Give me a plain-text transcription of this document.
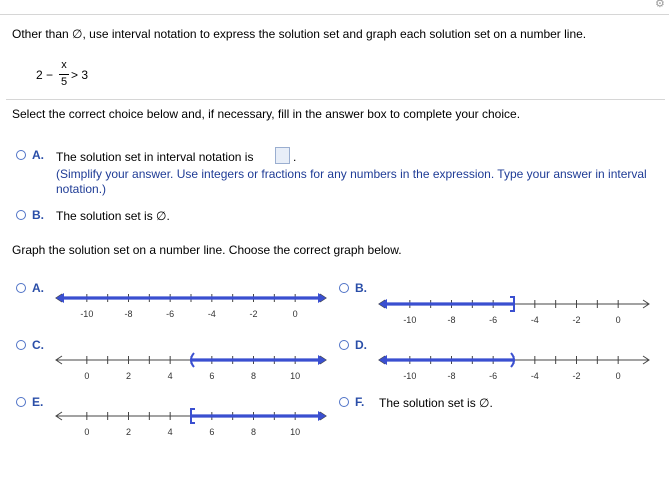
⚙
Other than ∅, use interval notation to express the solution set and graph each solution set on a number line.
2 −
x
5 > 3
Select the correct choice below and, if necessary, fill in the answer box to complete your choice.
A. The solution set in interval notation is	.
(Simplify your answer. Use integers or fractions for any numbers in the expression. Type your answer in interval notation.)
B. The solution set is ∅.
Graph the solution set on a number line. Choose the correct graph below.
A.	B.
C.	D.
E.	F. The solution set is ∅.
-10	-8	-6	-4	-2	0
-10	-8	-6	-4	-2	0
0	2	4	6	8	10	-10	-8	-6	-4	-2	0
0	2	4	6	8	10
